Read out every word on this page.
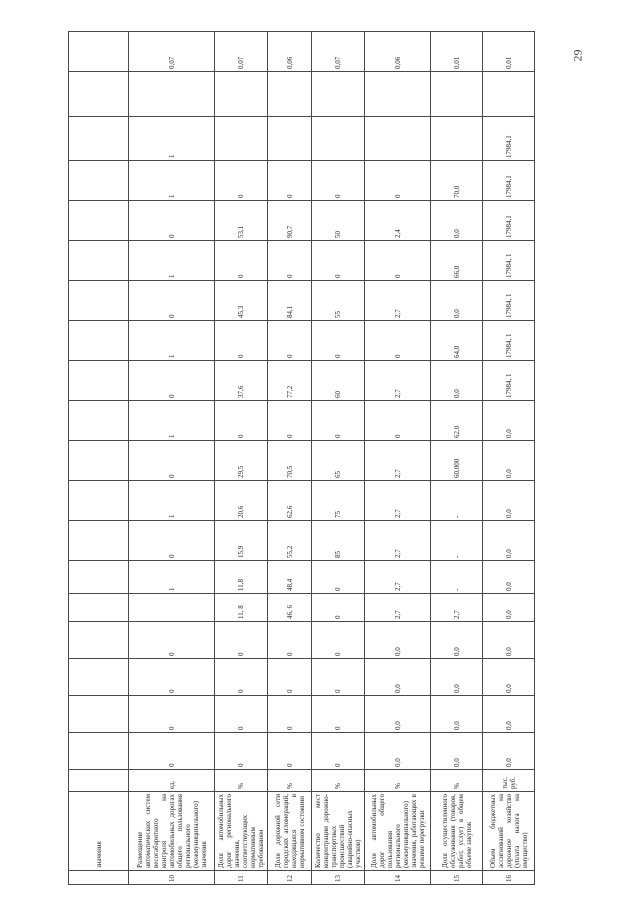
29
	значения																				
10	Размещение автоматических систем весогабаритного контроля на автомобильных дорогах общего пользования регионального (межмуниципального) значения	ед.	0	0	0	0		1	0	1	0	1	0	1	0	1	0	1	1		0,07
11	Доля автомобильных дорог регионального значения, соответствующих нормативным требованиям	%	0	0	0	0	11, 8	11,8	15,9	20,6	29,5	0	37,6	0	45,3	0	53,1	0			0,07
12	Доля дорожной сети городских агломераций, находящаяся в нормативном состоянии	%	0	0	0	0	46, 6	48,4	55,2	62,6	70,5	0	77,2	0	84,1	0	90,7	0			0,06
13	Количество мест концентрации дорожно-транспортных происшествий (аварийно-опасных участков)	%	0	0	0	0	0	0	85	75	65	0	60	0	55	0	50	0			0,07
14	Доля автомобильных дорог общего пользования регионального (межмуниципального) значения, работающих в режиме перегрузки	%	0,0	0,0	0,0	0,0	2,7	2,7	2,7	2,7	2,7	0	2,7	0	2,7	0	2,4	0			0,06
15	Доля осуществленного обслуживания (товаров, работ, услуг) в общем объеме закупок	%	0,0	0,0	0,0	0,0	2,7	-	-	-	60,000	62,0	0,0	64,0	0,0	66,0	0,0	70,0			0,01
16	Объем бюджетных ассигнований на дорожное хозяйство (уплата налога на имущество)	тыс. руб.	0,0	0,0	0,0	0,0	0,0	0,0	0,0	0,0	0,0	0,0	17984, 1	17984, 1	17984, 1	17984, 1	17984,1	17984,1	17984,1		0,01
